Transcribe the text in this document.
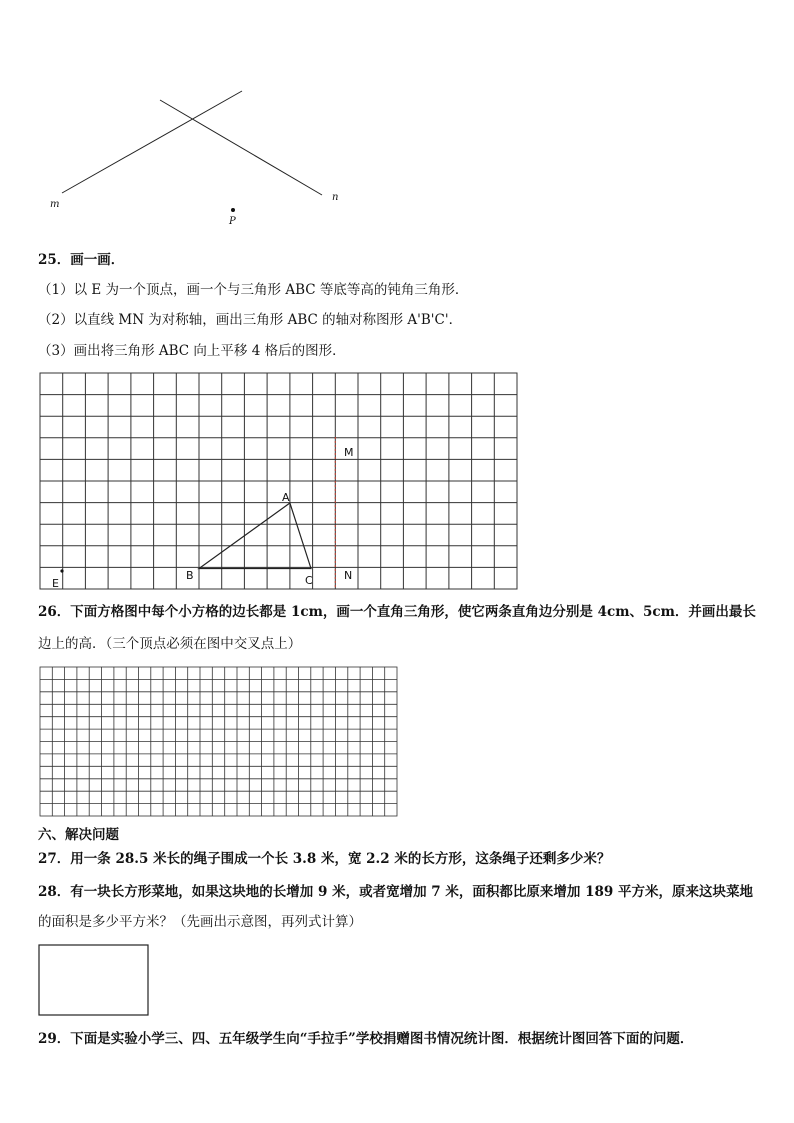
m
n
P
25．画一画．
（1）以 E 为一个顶点，画一个与三角形 ABC 等底等高的钝角三角形．
（2）以直线 MN 为对称轴，画出三角形 ABC 的轴对称图形 A'B'C'．
（3）画出将三角形 ABC 向上平移 4 格后的图形．
M
N
A
B	C
E
26．下面方格图中每个小方格的边长都是 1cm，画一个直角三角形，使它两条直角边分别是 4cm、5cm．并画出最长
边上的高．（三个顶点必须在图中交叉点上）
六、解决问题
27．用一条 28.5 米长的绳子围成一个长 3.8 米，宽 2.2 米的长方形，这条绳子还剩多少米？
28．有一块长方形菜地，如果这块地的长增加 9 米，或者宽增加 7 米，面积都比原来增加 189 平方米，原来这块菜地
的面积是多少平方米？（先画出示意图，再列式计算）
29．下面是实验小学三、四、五年级学生向“手拉手”学校捐赠图书情况统计图．根据统计图回答下面的问题．
